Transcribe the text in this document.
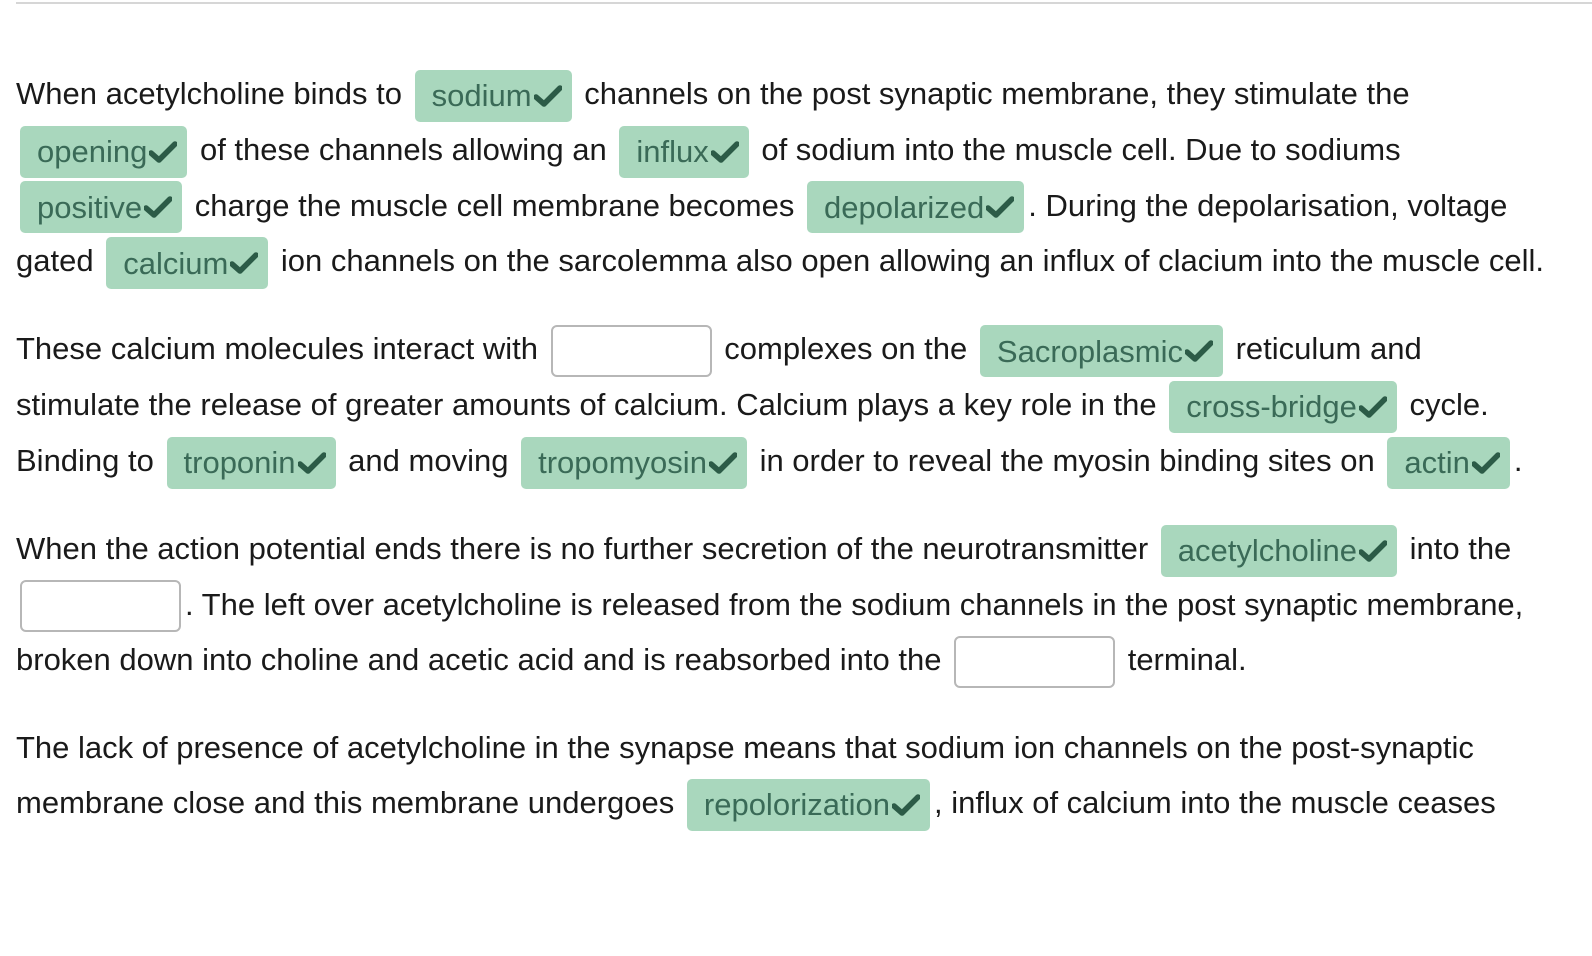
When acetylcholine binds to sodium channels on the post synaptic membrane, they stimulate the
opening of these channels allowing an influx of sodium into the muscle cell. Due to sodiums
positive charge the muscle cell membrane becomes depolarized . During the depolarisation, voltage gated calcium ion channels on the sarcolemma also open allowing an influx of clacium into the muscle cell.

These calcium molecules interact with	complexes on the Sacroplasmic reticulum and stimulate the release of greater amounts of calcium. Calcium plays a key role in the cross-bridge cycle. Binding to troponin and moving tropomyosin in order to reveal the myosin binding sites on actin .

When the action potential ends there is no further secretion of the neurotransmitter acetylcholine into the . The left over acetylcholine is released from the sodium channels in the post synaptic membrane, broken down into choline and acetic acid and is reabsorbed into the	terminal.

The lack of presence of acetylcholine in the synapse means that sodium ion channels on the post-synaptic membrane close and this membrane undergoes repolorization , influx of calcium into the muscle ceases
